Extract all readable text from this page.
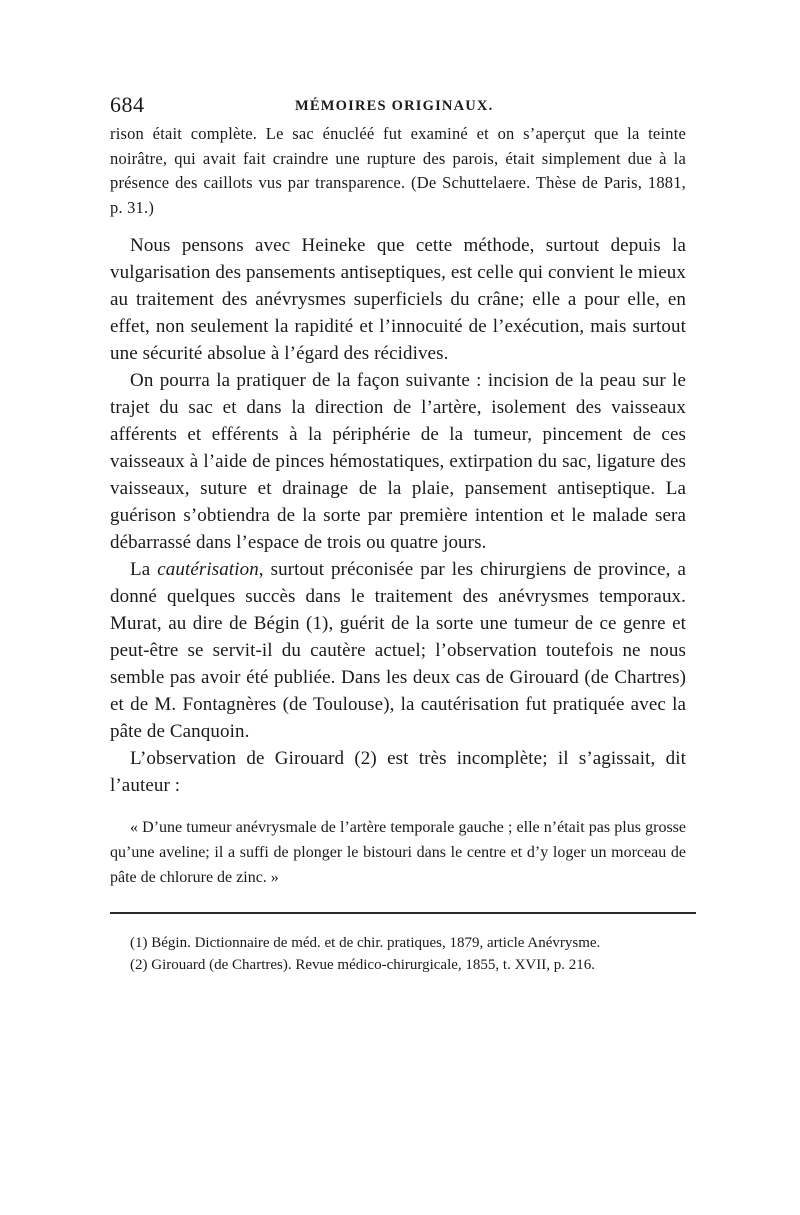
684	MÉMOIRES ORIGINAUX.

rison était complète. Le sac énucléé fut examiné et on s’aperçut que la teinte noirâtre, qui avait fait craindre une rupture des parois, était simplement due à la présence des caillots vus par transparence. (De Schuttelaere. Thèse de Paris, 1881, p. 31.)

Nous pensons avec Heineke que cette méthode, surtout depuis la vulgarisation des pansements antiseptiques, est celle qui convient le mieux au traitement des anévrysmes superficiels du crâne; elle a pour elle, en effet, non seulement la rapidité et l’innocuité de l’exécution, mais surtout une sécurité absolue à l’égard des récidives.

On pourra la pratiquer de la façon suivante : incision de la peau sur le trajet du sac et dans la direction de l’artère, isolement des vaisseaux afférents et efférents à la périphérie de la tumeur, pincement de ces vaisseaux à l’aide de pinces hémostatiques, extirpation du sac, ligature des vaisseaux, suture et drainage de la plaie, pansement antiseptique. La guérison s’obtiendra de la sorte par première intention et le malade sera débarrassé dans l’espace de trois ou quatre jours.

La cautérisation, surtout préconisée par les chirurgiens de province, a donné quelques succès dans le traitement des anévrysmes temporaux. Murat, au dire de Bégin (1), guérit de la sorte une tumeur de ce genre et peut-être se servit-il du cautère actuel; l’observation toutefois ne nous semble pas avoir été publiée. Dans les deux cas de Girouard (de Chartres) et de M. Fontagnères (de Toulouse), la cautérisation fut pratiquée avec la pâte de Canquoin.

L’observation de Girouard (2) est très incomplète; il s’agissait, dit l’auteur :

« D’une tumeur anévrysmale de l’artère temporale gauche ; elle n’était pas plus grosse qu’une aveline; il a suffi de plonger le bistouri dans le centre et d’y loger un morceau de pâte de chlorure de zinc. »

(1) Bégin. Dictionnaire de méd. et de chir. pratiques, 1879, article Anévrysme.

(2) Girouard (de Chartres). Revue médico-chirurgicale, 1855, t. XVII, p. 216.
